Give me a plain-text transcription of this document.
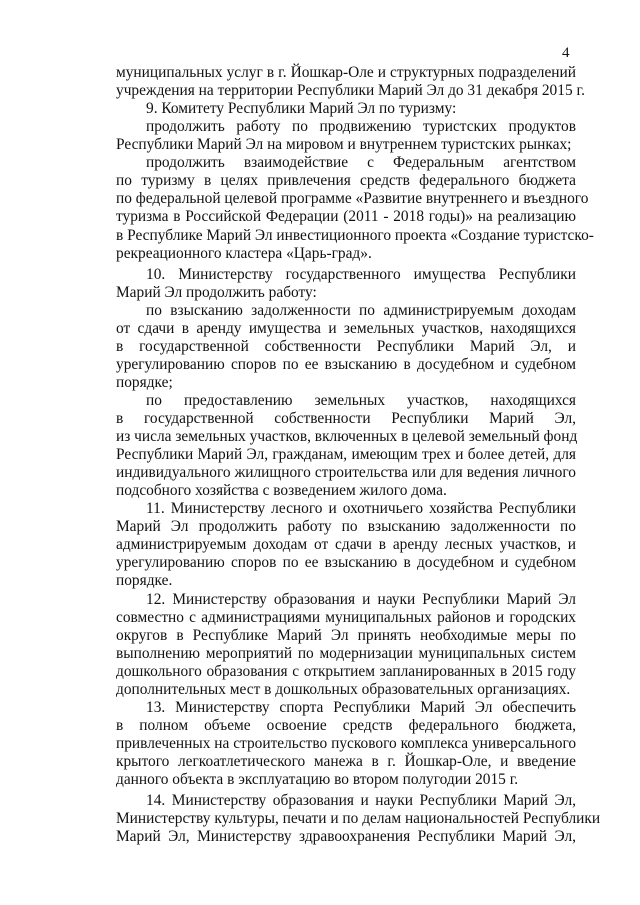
4
муниципальных услуг в г. Йошкар-Оле и структурных подразделений
учреждения на территории Республики Марий Эл до 31 декабря 2015 г.
9. Комитету Республики Марий Эл по туризму:
продолжить работу по продвижению туристских продуктов
Республики Марий Эл на мировом и внутреннем туристских рынках;
продолжить взаимодействие с Федеральным агентством
по туризму в целях привлечения средств федерального бюджета
по федеральной целевой программе «Развитие внутреннего и въездного
туризма в Российской Федерации (2011 - 2018 годы)» на реализацию
в Республике Марий Эл инвестиционного проекта «Создание туристско-
рекреационного кластера «Царь-град».
10. Министерству государственного имущества Республики
Марий Эл продолжить работу:
по взысканию задолженности по администрируемым доходам
от сдачи в аренду имущества и земельных участков, находящихся
в государственной собственности Республики Марий Эл, и
урегулированию споров по ее взысканию в досудебном и судебном
порядке;
по предоставлению земельных участков, находящихся
в государственной собственности Республики Марий Эл,
из числа земельных участков, включенных в целевой земельный фонд
Республики Марий Эл, гражданам, имеющим трех и более детей, для
индивидуального жилищного строительства или для ведения личного
подсобного хозяйства с возведением жилого дома.
11. Министерству лесного и охотничьего хозяйства Республики
Марий Эл продолжить работу по взысканию задолженности по
администрируемым доходам от сдачи в аренду лесных участков, и
урегулированию споров по ее взысканию в досудебном и судебном
порядке.
12. Министерству образования и науки Республики Марий Эл
совместно с администрациями муниципальных районов и городских
округов в Республике Марий Эл принять необходимые меры по
выполнению мероприятий по модернизации муниципальных систем
дошкольного образования с открытием запланированных в 2015 году
дополнительных мест в дошкольных образовательных организациях.
13. Министерству спорта Республики Марий Эл обеспечить
в полном объеме освоение средств федерального бюджета,
привлеченных на строительство пускового комплекса универсального
крытого легкоатлетического манежа в г. Йошкар-Оле, и введение
данного объекта в эксплуатацию во втором полугодии 2015 г.
14. Министерству образования и науки Республики Марий Эл,
Министерству культуры, печати и по делам национальностей Республики
Марий Эл, Министерству здравоохранения Республики Марий Эл,
